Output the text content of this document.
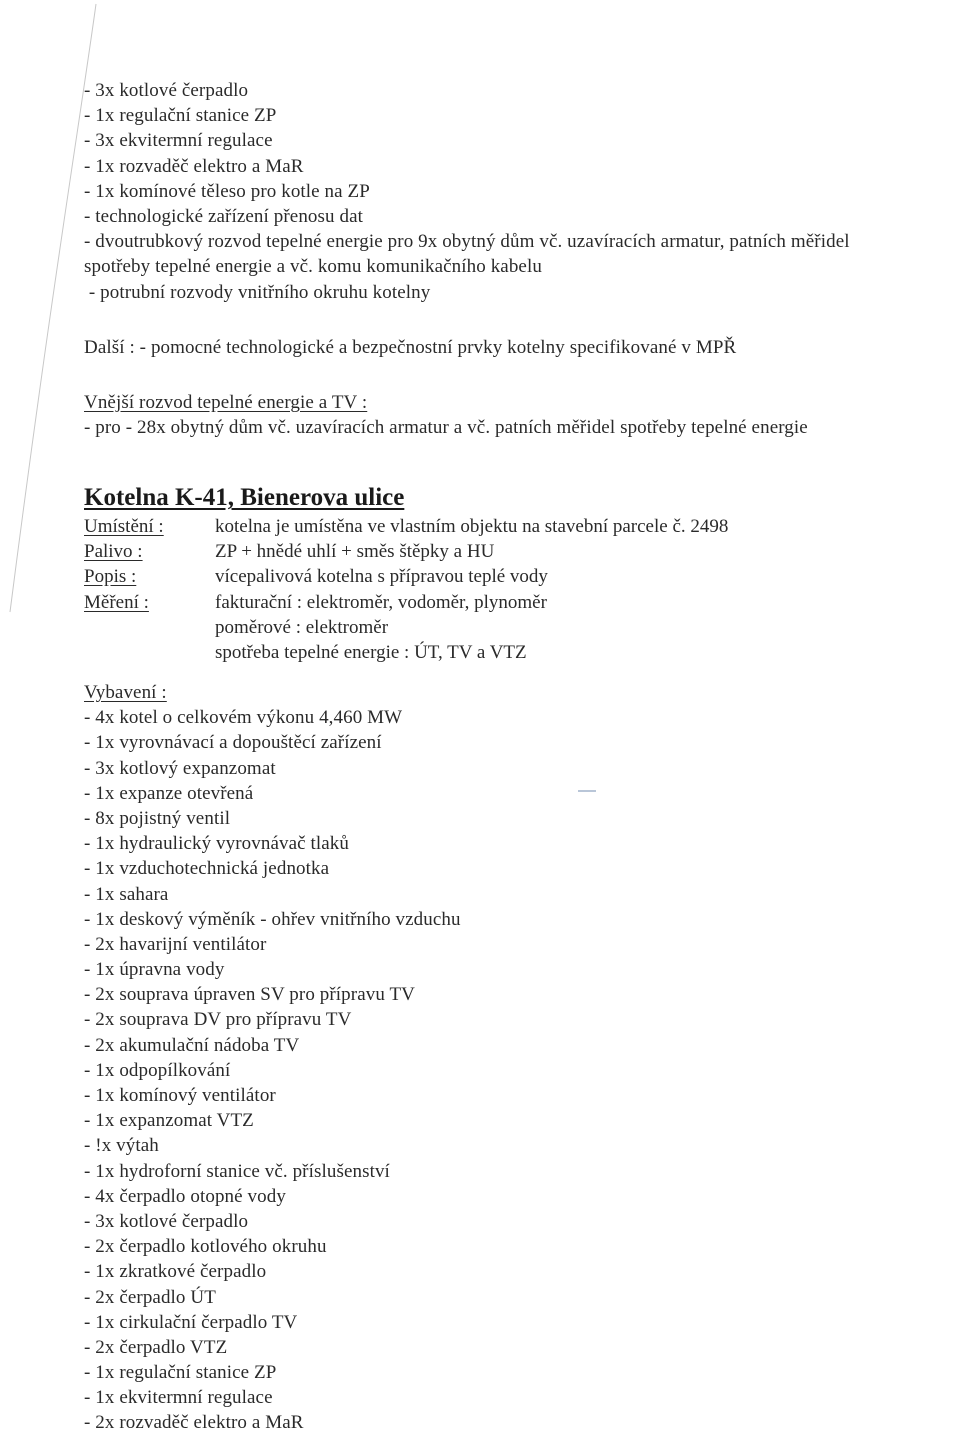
- 3x kotlové čerpadlo
- 1x regulační stanice ZP
- 3x ekvitermní regulace
- 1x rozvaděč elektro a MaR
- 1x komínové těleso pro kotle na ZP
- technologické zařízení přenosu dat
- dvoutrubkový rozvod tepelné energie pro 9x obytný dům vč. uzavíracích armatur, patních měřidel
spotřeby tepelné energie a vč. komu komunikačního kabelu
- potrubní rozvody vnitřního okruhu kotelny
Další : - pomocné technologické a bezpečnostní prvky kotelny specifikované v MPŘ
Vnější rozvod tepelné energie a TV :
- pro - 28x obytný dům vč. uzavíracích armatur a vč. patních měřidel spotřeby tepelné energie
Kotelna K-41, Bienerova ulice
Umístění :	kotelna je umístěna ve vlastním objektu na stavební parcele č. 2498
Palivo :	ZP + hnědé uhlí + směs štěpky a HU
Popis :	vícepalivová kotelna s přípravou teplé vody
Měření :	fakturační : elektroměr, vodoměr, plynoměr
poměrové : elektroměr
spotřeba tepelné energie : ÚT, TV a VTZ
Vybavení :
- 4x kotel o celkovém výkonu 4,460 MW
- 1x vyrovnávací a dopouštěcí zařízení
- 3x kotlový expanzomat
- 1x expanze otevřená
- 8x pojistný ventil
- 1x hydraulický vyrovnávač tlaků
- 1x vzduchotechnická jednotka
- 1x sahara
- 1x deskový výměník - ohřev vnitřního vzduchu
- 2x havarijní ventilátor
- 1x úpravna vody
- 2x souprava úpraven SV pro přípravu TV
- 2x souprava DV pro přípravu TV
- 2x akumulační nádoba TV
- 1x odpopílkování
- 1x komínový ventilátor
- 1x expanzomat VTZ
- !x výtah
- 1x hydroforní stanice vč. příslušenství
- 4x čerpadlo otopné vody
- 3x kotlové čerpadlo
- 2x čerpadlo kotlového okruhu
- 1x zkratkové čerpadlo
- 2x čerpadlo ÚT
- 1x cirkulační čerpadlo TV
- 2x čerpadlo VTZ
- 1x regulační stanice ZP
- 1x ekvitermní regulace
- 2x rozvaděč elektro a MaR
